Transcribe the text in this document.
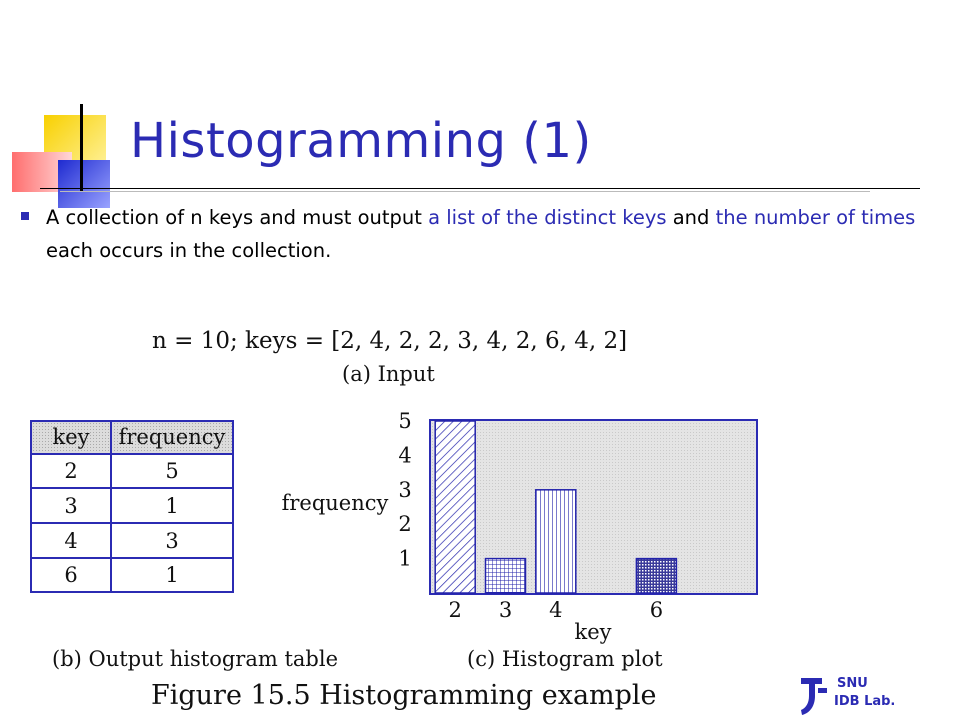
Histogramming (1)

A collection of n keys and must output a list of the distinct keys and the number of times each occurs in the collection.

n = 10; keys = [2, 4, 2, 2, 3, 4, 2, 6, 4, 2]
(a) Input
key frequency
2	5
3	1
4	3
6	1
1
2
3
4
5
2 3 4	6
frequency
key
(b) Output histogram table	(c) Histogram plot
Figure 15.5 Histogramming example	SNU
IDB Lab.
